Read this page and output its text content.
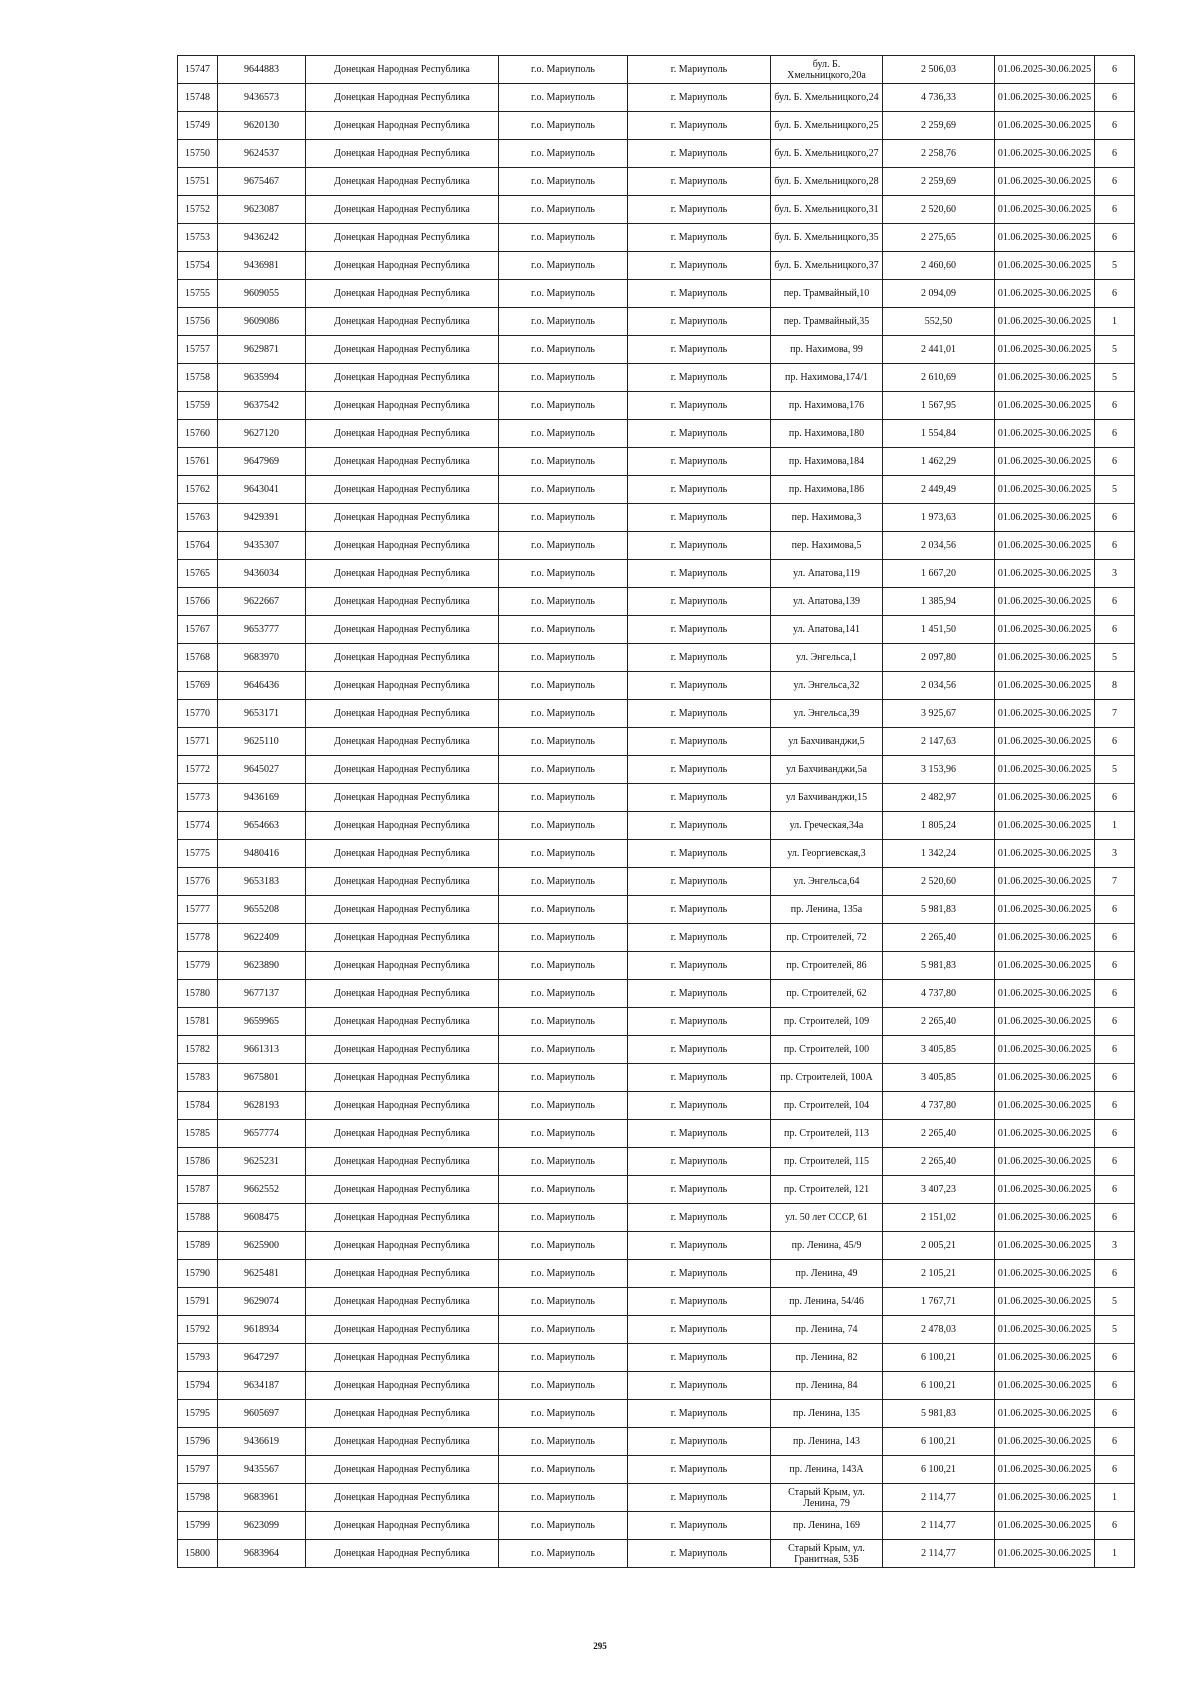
15747	9644883	Донецкая Народная Республика	г.о. Мариуполь	г. Мариуполь	бул. Б. Хмельницкого,20а	2 506,03	01.06.2025-30.06.2025	6
15748	9436573	Донецкая Народная Республика	г.о. Мариуполь	г. Мариуполь	бул. Б. Хмельницкого,24	4 736,33	01.06.2025-30.06.2025	6
15749	9620130	Донецкая Народная Республика	г.о. Мариуполь	г. Мариуполь	бул. Б. Хмельницкого,25	2 259,69	01.06.2025-30.06.2025	6
15750	9624537	Донецкая Народная Республика	г.о. Мариуполь	г. Мариуполь	бул. Б. Хмельницкого,27	2 258,76	01.06.2025-30.06.2025	6
15751	9675467	Донецкая Народная Республика	г.о. Мариуполь	г. Мариуполь	бул. Б. Хмельницкого,28	2 259,69	01.06.2025-30.06.2025	6
15752	9623087	Донецкая Народная Республика	г.о. Мариуполь	г. Мариуполь	бул. Б. Хмельницкого,31	2 520,60	01.06.2025-30.06.2025	6
15753	9436242	Донецкая Народная Республика	г.о. Мариуполь	г. Мариуполь	бул. Б. Хмельницкого,35	2 275,65	01.06.2025-30.06.2025	6
15754	9436981	Донецкая Народная Республика	г.о. Мариуполь	г. Мариуполь	бул. Б. Хмельницкого,37	2 460,60	01.06.2025-30.06.2025	5
15755	9609055	Донецкая Народная Республика	г.о. Мариуполь	г. Мариуполь	пер. Трамвайный,10	2 094,09	01.06.2025-30.06.2025	6
15756	9609086	Донецкая Народная Республика	г.о. Мариуполь	г. Мариуполь	пер. Трамвайный,35	552,50	01.06.2025-30.06.2025	1
15757	9629871	Донецкая Народная Республика	г.о. Мариуполь	г. Мариуполь	пр. Нахимова, 99	2 441,01	01.06.2025-30.06.2025	5
15758	9635994	Донецкая Народная Республика	г.о. Мариуполь	г. Мариуполь	пр. Нахимова,174/1	2 610,69	01.06.2025-30.06.2025	5
15759	9637542	Донецкая Народная Республика	г.о. Мариуполь	г. Мариуполь	пр. Нахимова,176	1 567,95	01.06.2025-30.06.2025	6
15760	9627120	Донецкая Народная Республика	г.о. Мариуполь	г. Мариуполь	пр. Нахимова,180	1 554,84	01.06.2025-30.06.2025	6
15761	9647969	Донецкая Народная Республика	г.о. Мариуполь	г. Мариуполь	пр. Нахимова,184	1 462,29	01.06.2025-30.06.2025	6
15762	9643041	Донецкая Народная Республика	г.о. Мариуполь	г. Мариуполь	пр. Нахимова,186	2 449,49	01.06.2025-30.06.2025	5
15763	9429391	Донецкая Народная Республика	г.о. Мариуполь	г. Мариуполь	пер. Нахимова,3	1 973,63	01.06.2025-30.06.2025	6
15764	9435307	Донецкая Народная Республика	г.о. Мариуполь	г. Мариуполь	пер. Нахимова,5	2 034,56	01.06.2025-30.06.2025	6
15765	9436034	Донецкая Народная Республика	г.о. Мариуполь	г. Мариуполь	ул. Апатова,119	1 667,20	01.06.2025-30.06.2025	3
15766	9622667	Донецкая Народная Республика	г.о. Мариуполь	г. Мариуполь	ул. Апатова,139	1 385,94	01.06.2025-30.06.2025	6
15767	9653777	Донецкая Народная Республика	г.о. Мариуполь	г. Мариуполь	ул. Апатова,141	1 451,50	01.06.2025-30.06.2025	6
15768	9683970	Донецкая Народная Республика	г.о. Мариуполь	г. Мариуполь	ул. Энгельса,1	2 097,80	01.06.2025-30.06.2025	5
15769	9646436	Донецкая Народная Республика	г.о. Мариуполь	г. Мариуполь	ул. Энгельса,32	2 034,56	01.06.2025-30.06.2025	8
15770	9653171	Донецкая Народная Республика	г.о. Мариуполь	г. Мариуполь	ул. Энгельса,39	3 925,67	01.06.2025-30.06.2025	7
15771	9625110	Донецкая Народная Республика	г.о. Мариуполь	г. Мариуполь	ул Бахчиванджи,5	2 147,63	01.06.2025-30.06.2025	6
15772	9645027	Донецкая Народная Республика	г.о. Мариуполь	г. Мариуполь	ул Бахчиванджи,5а	3 153,96	01.06.2025-30.06.2025	5
15773	9436169	Донецкая Народная Республика	г.о. Мариуполь	г. Мариуполь	ул Бахчиванджи,15	2 482,97	01.06.2025-30.06.2025	6
15774	9654663	Донецкая Народная Республика	г.о. Мариуполь	г. Мариуполь	ул. Греческая,34а	1 805,24	01.06.2025-30.06.2025	1
15775	9480416	Донецкая Народная Республика	г.о. Мариуполь	г. Мариуполь	ул. Георгиевская,3	1 342,24	01.06.2025-30.06.2025	3
15776	9653183	Донецкая Народная Республика	г.о. Мариуполь	г. Мариуполь	ул. Энгельса,64	2 520,60	01.06.2025-30.06.2025	7
15777	9655208	Донецкая Народная Республика	г.о. Мариуполь	г. Мариуполь	пр. Ленина, 135а	5 981,83	01.06.2025-30.06.2025	6
15778	9622409	Донецкая Народная Республика	г.о. Мариуполь	г. Мариуполь	пр. Строителей, 72	2 265,40	01.06.2025-30.06.2025	6
15779	9623890	Донецкая Народная Республика	г.о. Мариуполь	г. Мариуполь	пр. Строителей, 86	5 981,83	01.06.2025-30.06.2025	6
15780	9677137	Донецкая Народная Республика	г.о. Мариуполь	г. Мариуполь	пр. Строителей, 62	4 737,80	01.06.2025-30.06.2025	6
15781	9659965	Донецкая Народная Республика	г.о. Мариуполь	г. Мариуполь	пр. Строителей, 109	2 265,40	01.06.2025-30.06.2025	6
15782	9661313	Донецкая Народная Республика	г.о. Мариуполь	г. Мариуполь	пр. Строителей, 100	3 405,85	01.06.2025-30.06.2025	6
15783	9675801	Донецкая Народная Республика	г.о. Мариуполь	г. Мариуполь	пр. Строителей, 100А	3 405,85	01.06.2025-30.06.2025	6
15784	9628193	Донецкая Народная Республика	г.о. Мариуполь	г. Мариуполь	пр. Строителей, 104	4 737,80	01.06.2025-30.06.2025	6
15785	9657774	Донецкая Народная Республика	г.о. Мариуполь	г. Мариуполь	пр. Строителей, 113	2 265,40	01.06.2025-30.06.2025	6
15786	9625231	Донецкая Народная Республика	г.о. Мариуполь	г. Мариуполь	пр. Строителей, 115	2 265,40	01.06.2025-30.06.2025	6
15787	9662552	Донецкая Народная Республика	г.о. Мариуполь	г. Мариуполь	пр. Строителей, 121	3 407,23	01.06.2025-30.06.2025	6
15788	9608475	Донецкая Народная Республика	г.о. Мариуполь	г. Мариуполь	ул. 50 лет СССР, 61	2 151,02	01.06.2025-30.06.2025	6
15789	9625900	Донецкая Народная Республика	г.о. Мариуполь	г. Мариуполь	пр. Ленина, 45/9	2 005,21	01.06.2025-30.06.2025	3
15790	9625481	Донецкая Народная Республика	г.о. Мариуполь	г. Мариуполь	пр. Ленина, 49	2 105,21	01.06.2025-30.06.2025	6
15791	9629074	Донецкая Народная Республика	г.о. Мариуполь	г. Мариуполь	пр. Ленина, 54/46	1 767,71	01.06.2025-30.06.2025	5
15792	9618934	Донецкая Народная Республика	г.о. Мариуполь	г. Мариуполь	пр. Ленина, 74	2 478,03	01.06.2025-30.06.2025	5
15793	9647297	Донецкая Народная Республика	г.о. Мариуполь	г. Мариуполь	пр. Ленина, 82	6 100,21	01.06.2025-30.06.2025	6
15794	9634187	Донецкая Народная Республика	г.о. Мариуполь	г. Мариуполь	пр. Ленина, 84	6 100,21	01.06.2025-30.06.2025	6
15795	9605697	Донецкая Народная Республика	г.о. Мариуполь	г. Мариуполь	пр. Ленина, 135	5 981,83	01.06.2025-30.06.2025	6
15796	9436619	Донецкая Народная Республика	г.о. Мариуполь	г. Мариуполь	пр. Ленина, 143	6 100,21	01.06.2025-30.06.2025	6
15797	9435567	Донецкая Народная Республика	г.о. Мариуполь	г. Мариуполь	пр. Ленина, 143А	6 100,21	01.06.2025-30.06.2025	6
15798	9683961	Донецкая Народная Республика	г.о. Мариуполь	г. Мариуполь	Старый Крым, ул. Ленина, 79	2 114,77	01.06.2025-30.06.2025	1
15799	9623099	Донецкая Народная Республика	г.о. Мариуполь	г. Мариуполь	пр. Ленина, 169	2 114,77	01.06.2025-30.06.2025	6
15800	9683964	Донецкая Народная Республика	г.о. Мариуполь	г. Мариуполь	Старый Крым, ул. Гранитная, 53Б	2 114,77	01.06.2025-30.06.2025	1
295
